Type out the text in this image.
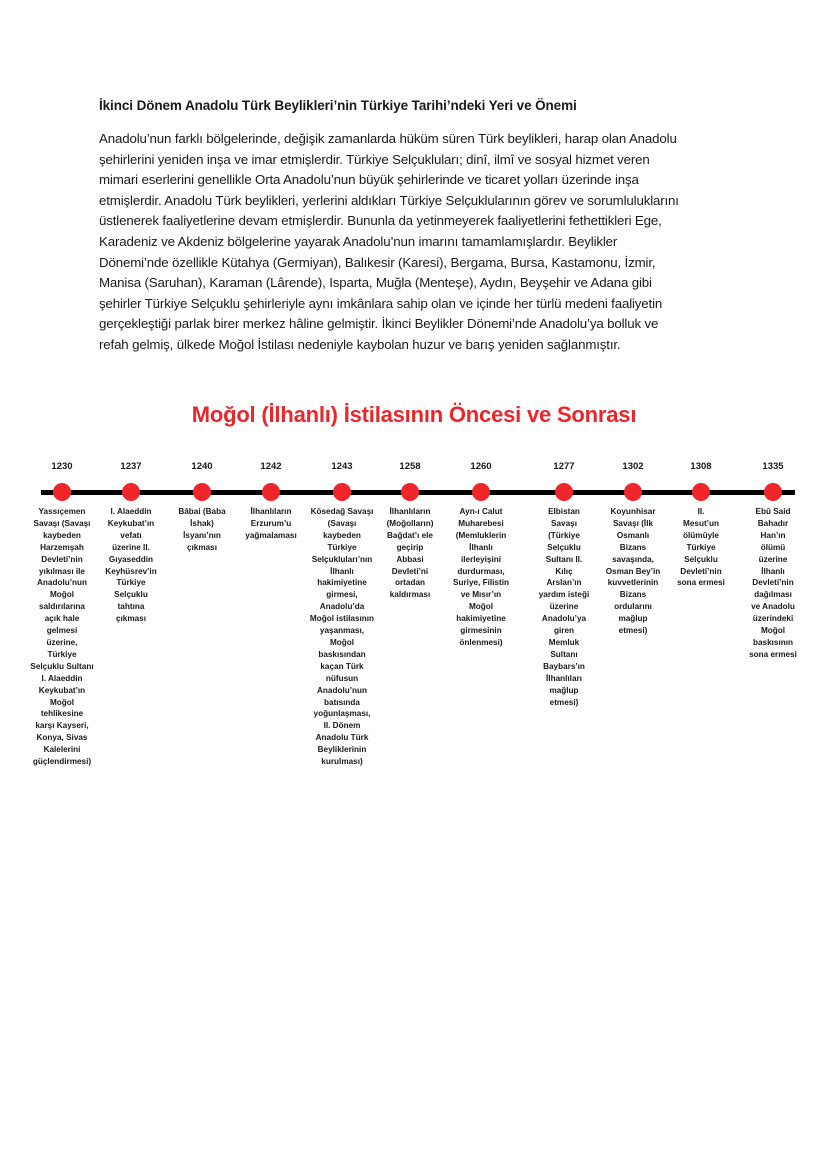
İkinci Dönem Anadolu Türk Beylikleri’nin Türkiye Tarihi’ndeki Yeri ve Önemi
Anadolu’nun farklı bölgelerinde, değişik zamanlarda hüküm süren Türk beylikleri, harap olan Anadolu
şehirlerini yeniden inşa ve imar etmişlerdir. Türkiye Selçukluları; dinî, ilmî ve sosyal hizmet veren
mimari eserlerini genellikle Orta Anadolu’nun büyük şehirlerinde ve ticaret yolları üzerinde inşa
etmişlerdir. Anadolu Türk beylikleri, yerlerini aldıkları Türkiye Selçuklularının görev ve sorumluluklarını
üstlenerek faaliyetlerine devam etmişlerdir. Bununla da yetinmeyerek faaliyetlerini fethettikleri Ege,
Karadeniz ve Akdeniz bölgelerine yayarak Anadolu’nun imarını tamamlamışlardır. Beylikler
Dönemi’nde özellikle Kütahya (Germiyan), Balıkesir (Karesi), Bergama, Bursa, Kastamonu, İzmir,
Manisa (Saruhan), Karaman (Lârende), Isparta, Muğla (Menteşe), Aydın, Beyşehir ve Adana gibi
şehirler Türkiye Selçuklu şehirleriyle aynı imkânlara sahip olan ve içinde her türlü medeni faaliyetin
gerçekleştiği parlak birer merkez hâline gelmiştir. İkinci Beylikler Dönemi’nde Anadolu’ya bolluk ve
refah gelmiş, ülkede Moğol İstilası nedeniyle kaybolan huzur ve barış yeniden sağlanmıştır.
Moğol (İlhanlı) İstilasının Öncesi ve Sonrası
1230
Yassıçemen
Savaşı (Savaşı
kaybeden
Harzemşah
Devleti’nin
yıkılması ile
Anadolu’nun
Moğol
saldırılarına
açık hale
gelmesi
üzerine,
Türkiye
Selçuklu Sultanı
I. Alaeddin
Keykubat’ın
Moğol
tehlikesine
karşı Kayseri,
Konya, Sivas
Kalelerini
güçlendirmesi)
1237
I. Alaeddin
Keykubat’ın
vefatı
üzerine II.
Gıyaseddin
Keyhüsrev’in
Türkiye
Selçuklu
tahtına
çıkması
1240
Bâbai (Baba
İshak)
İsyanı’nın
çıkması
1242
İlhanlıların
Erzurum’u
yağmalaması
1243
Kösedağ Savaşı
(Savaşı
kaybeden
Türkiye
Selçukluları’nın
İlhanlı
hakimiyetine
girmesi,
Anadolu’da
Moğol istilasının
yaşanması,
Moğol
baskısından
kaçan Türk
nüfusun
Anadolu’nun
batısında
yoğunlaşması,
II. Dönem
Anadolu Türk
Beyliklerinin
kurulması)
1258
İlhanlıların
(Moğolların)
Bağdat’ı ele
geçirip
Abbasi
Devleti’ni
ortadan
kaldırması
1260
Ayn-ı Calut
Muharebesi
(Memluklerin
İlhanlı
ilerleyişini
durdurması,
Suriye, Filistin
ve Mısır’ın
Moğol
hakimiyetine
girmesinin
önlenmesi)
1277
Elbistan
Savaşı
(Türkiye
Selçuklu
Sultanı II.
Kılıç
Arslan’ın
yardım isteği
üzerine
Anadolu’ya
giren
Memluk
Sultanı
Baybars’ın
İlhanlıları
mağlup
etmesi)
1302
Koyunhisar
Savaşı (İlk
Osmanlı
Bizans
savaşında,
Osman Bey’in
kuvvetlerinin
Bizans
ordularını
mağlup
etmesi)
1308
II.
Mesut’un
ölümüyle
Türkiye
Selçuklu
Devleti’nin
sona ermesi
1335
Ebû Said
Bahadır
Han’ın
ölümü
üzerine
İlhanlı
Devleti’nin
dağılması
ve Anadolu
üzerindeki
Moğol
baskısının
sona ermesi
